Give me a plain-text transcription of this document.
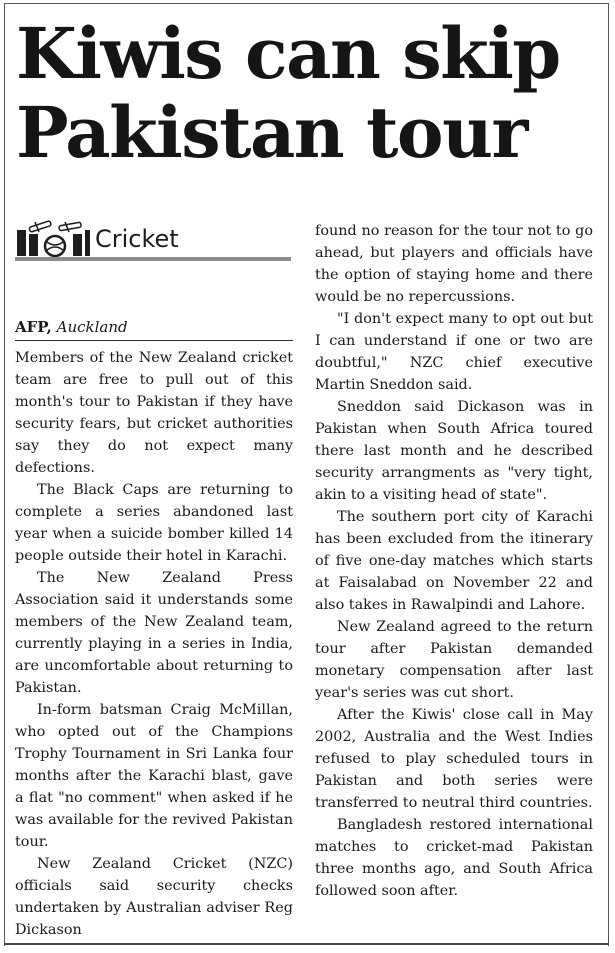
Kiwis can skip Pakistan tour
Cricket
AFP, Auckland

Members of the New Zealand cricket team are free to pull out of this month's tour to Pakistan if they have security fears, but cricket authorities say they do not expect many defections.

The Black Caps are returning to complete a series abandoned last year when a suicide bomber killed 14 people outside their hotel in Karachi.

The New Zealand Press Association said it understands some members of the New Zealand team, currently playing in a series in India, are uncomfortable about returning to Pakistan.

In-form batsman Craig McMillan, who opted out of the Champions Trophy Tournament in Sri Lanka four months after the Karachi blast, gave a flat "no comment" when asked if he was available for the revived Pakistan tour.

New Zealand Cricket (NZC) officials said security checks undertaken by Australian adviser Reg Dickason

found no reason for the tour not to go ahead, but players and officials have the option of staying home and there would be no repercussions.

"I don't expect many to opt out but I can understand if one or two are doubtful," NZC chief executive Martin Sneddon said.

Sneddon said Dickason was in Pakistan when South Africa toured there last month and he described security arrangments as "very tight, akin to a visiting head of state".

The southern port city of Karachi has been excluded from the itinerary of five one-day matches which starts at Faisalabad on November 22 and also takes in Rawalpindi and Lahore.

New Zealand agreed to the return tour after Pakistan demanded monetary compensation after last year's series was cut short.

After the Kiwis' close call in May 2002, Australia and the West Indies refused to play scheduled tours in Pakistan and both series were transferred to neutral third countries.

Bangladesh restored international matches to cricket-mad Pakistan three months ago, and South Africa followed soon after.
